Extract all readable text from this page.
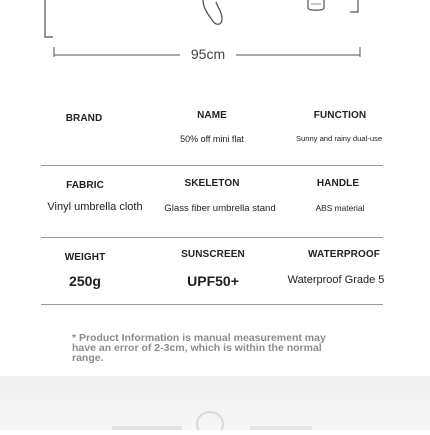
95cm
BRAND	NAME
50% off mini flat
FUNCTION
Sunny and rainy dual-use
FABRIC
Vinyl umbrella cloth
SKELETON
Glass fiber umbrella stand
HANDLE
ABS material
WEIGHT
250g
SUNSCREEN
UPF50+
WATERPROOF
Waterproof Grade 5
* Product Information is manual measurement may have an error of 2-3cm, which is within the normal range.
